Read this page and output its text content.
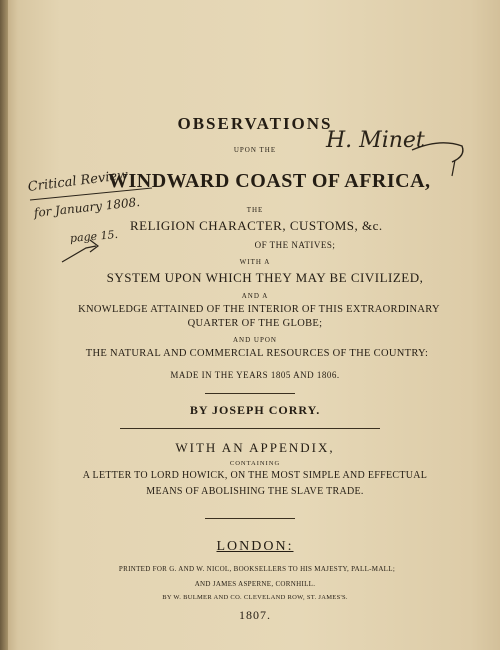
OBSERVATIONS
UPON THE
WINDWARD COAST OF AFRICA,
THE
RELIGION CHARACTER, CUSTOMS, &c.
OF THE NATIVES;
WITH A
SYSTEM UPON WHICH THEY MAY BE CIVILIZED,
AND A
KNOWLEDGE ATTAINED OF THE INTERIOR OF THIS EXTRAORDINARY
QUARTER OF THE GLOBE;
AND UPON
THE NATURAL AND COMMERCIAL RESOURCES OF THE COUNTRY:
MADE IN THE YEARS 1805 AND 1806.
BY JOSEPH CORRY.
WITH AN APPENDIX,
CONTAINING
A LETTER TO LORD HOWICK, ON THE MOST SIMPLE AND EFFECTUAL
MEANS OF ABOLISHING THE SLAVE TRADE.
LONDON:
PRINTED FOR G. AND W. NICOL, BOOKSELLERS TO HIS MAJESTY, PALL-MALL;
AND JAMES ASPERNE, CORNHILL.
BY W. BULMER AND CO. CLEVELAND ROW, ST. JAMES'S.
1807.
H. Minet
Critical Review
for January 1808.
page 15.
